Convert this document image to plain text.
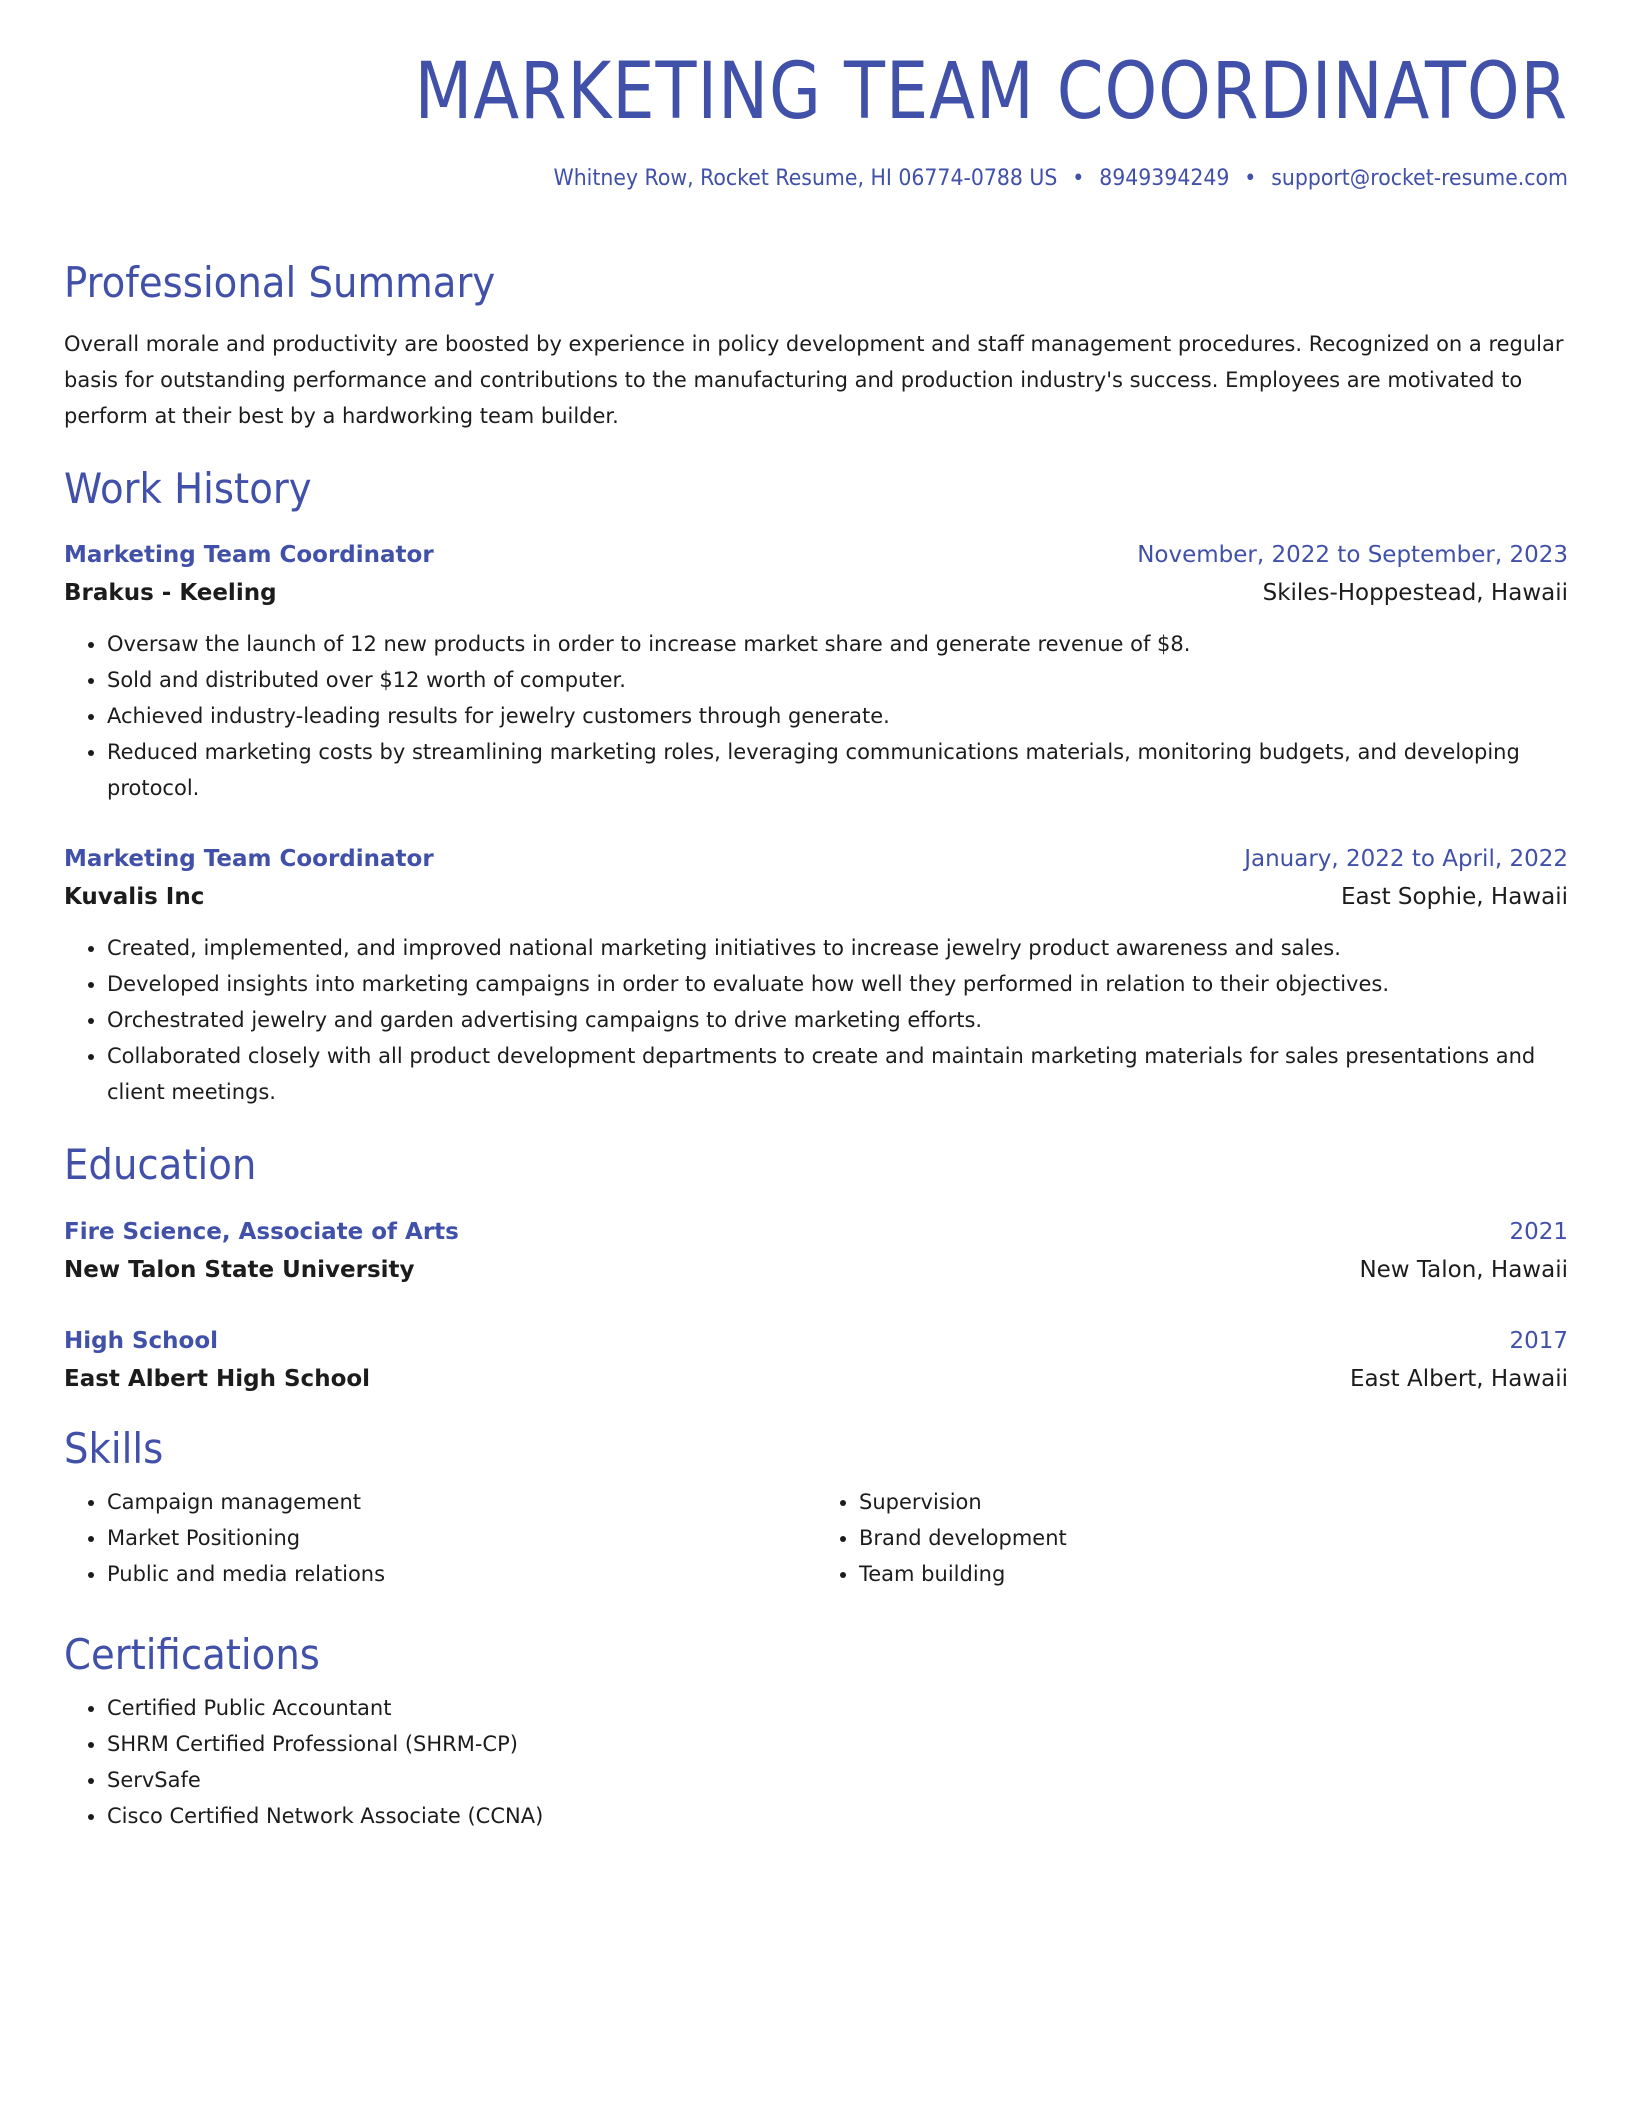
MARKETING TEAM COORDINATOR
Whitney Row, Rocket Resume, HI 06774-0788 US • 8949394249 • support@rocket-resume.com
Professional Summary
Overall morale and productivity are boosted by experience in policy development and staff management procedures. Recognized on a regular basis for outstanding performance and contributions to the manufacturing and production industry's success. Employees are motivated to perform at their best by a hardworking team builder.
Work History
Marketing Team Coordinator	November, 2022 to September, 2023
Brakus - Keeling	Skiles-Hoppestead, Hawaii
• Oversaw the launch of 12 new products in order to increase market share and generate revenue of $8.
• Sold and distributed over $12 worth of computer.
• Achieved industry-leading results for jewelry customers through generate.
• Reduced marketing costs by streamlining marketing roles, leveraging communications materials, monitoring budgets, and developing protocol.
Marketing Team Coordinator	January, 2022 to April, 2022
Kuvalis Inc	East Sophie, Hawaii
• Created, implemented, and improved national marketing initiatives to increase jewelry product awareness and sales.
• Developed insights into marketing campaigns in order to evaluate how well they performed in relation to their objectives.
• Orchestrated jewelry and garden advertising campaigns to drive marketing efforts.
• Collaborated closely with all product development departments to create and maintain marketing materials for sales presentations and client meetings.
Education
Fire Science, Associate of Arts	2021
New Talon State University	New Talon, Hawaii
High School	2017
East Albert High School	East Albert, Hawaii
Skills
• Campaign management
• Market Positioning
• Public and media relations
• Supervision
• Brand development
• Team building
Certifications
• Certified Public Accountant
• SHRM Certified Professional (SHRM-CP)
• ServSafe
• Cisco Certified Network Associate (CCNA)
